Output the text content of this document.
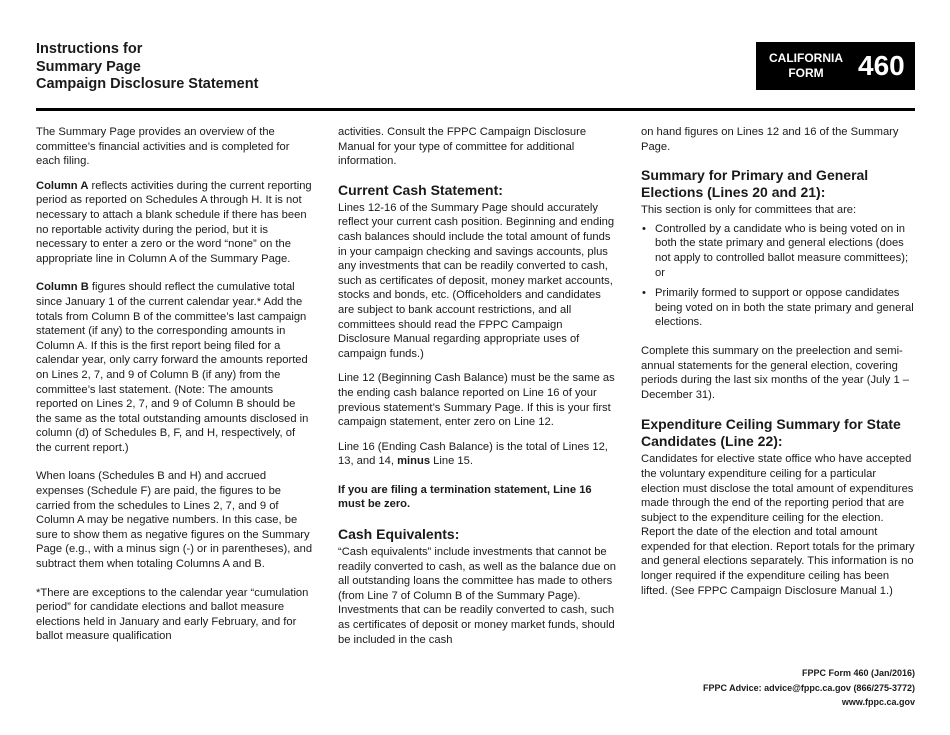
Instructions for
Summary Page
Campaign Disclosure Statement
CALIFORNIA
FORM	460

The Summary Page provides an overview of the committee’s financial activities and is completed for each filing.

Column A reflects activities during the current reporting period as reported on Schedules A through H. It is not necessary to attach a blank schedule if there has been no reportable activity during the period, but it is necessary to enter a zero or the word “none” on the appropriate line in Column A of the Summary Page.

Column B figures should reflect the cumulative total since January 1 of the current calendar year.* Add the totals from Column B of the committee’s last campaign statement (if any) to the corresponding amounts in Column A. If this is the first report being filed for a calendar year, only carry forward the amounts reported on Lines 2, 7, and 9 of Column B (if any) from the committee’s last statement. (Note: The amounts reported on Lines 2, 7, and 9 of Column B should be the same as the total outstanding amounts disclosed in column (d) of Schedules B, F, and H, respectively, of the current report.)

When loans (Schedules B and H) and accrued expenses (Schedule F) are paid, the figures to be carried from the schedules to Lines 2, 7, and 9 of Column A may be negative numbers. In this case, be sure to show them as negative figures on the Summary Page (e.g., with a minus sign (-) or in parentheses), and subtract them when totaling Columns A and B.

*There are exceptions to the calendar year “cumulation period” for candidate elections and ballot measure elections held in January and early February, and for ballot measure qualification

activities. Consult the FPPC Campaign Disclosure Manual for your type of committee for additional information.

Current Cash Statement:

Lines 12-16 of the Summary Page should accurately reflect your current cash position. Beginning and ending cash balances should include the total amount of funds in your campaign checking and savings accounts, plus any investments that can be readily converted to cash, such as certificates of deposit, money market accounts, stocks and bonds, etc. (Officeholders and candidates are subject to bank account restrictions, and all committees should read the FPPC Campaign Disclosure Manual regarding appropriate uses of campaign funds.)

Line 12 (Beginning Cash Balance) must be the same as the ending cash balance reported on Line 16 of your previous statement’s Summary Page. If this is your first campaign statement, enter zero on Line 12.

Line 16 (Ending Cash Balance) is the total of Lines 12, 13, and 14, minus Line 15.

If you are filing a termination statement, Line 16 must be zero.

Cash Equivalents:

“Cash equivalents” include investments that cannot be readily converted to cash, as well as the balance due on all outstanding loans the committee has made to others (from Line 7 of Column B of the Summary Page). Investments that can be readily converted to cash, such as certificates of deposit or money market funds, should be included in the cash

on hand figures on Lines 12 and 16 of the Summary Page.

Summary for Primary and General Elections (Lines 20 and 21):

This section is only for committees that are:

• Controlled by a candidate who is being voted on in both the state primary and general elections (does not apply to controlled ballot measure committees); or
• Primarily formed to support or oppose candidates being voted on in both the state primary and general elections.

Complete this summary on the preelection and semi-annual statements for the general election, covering periods during the last six months of the year (July 1 – December 31).

Expenditure Ceiling Summary for State Candidates (Line 22):

Candidates for elective state office who have accepted the voluntary expenditure ceiling for a particular election must disclose the total amount of expenditures made through the end of the reporting period that are subject to the expenditure ceiling for the election. Report the date of the election and total amount expended for that election. Report totals for the primary and general elections separately. This information is no longer required if the expenditure ceiling has been lifted. (See FPPC Campaign Disclosure Manual 1.)

FPPC Form 460 (Jan/2016)
FPPC Advice: advice@fppc.ca.gov (866/275-3772)
www.fppc.ca.gov
